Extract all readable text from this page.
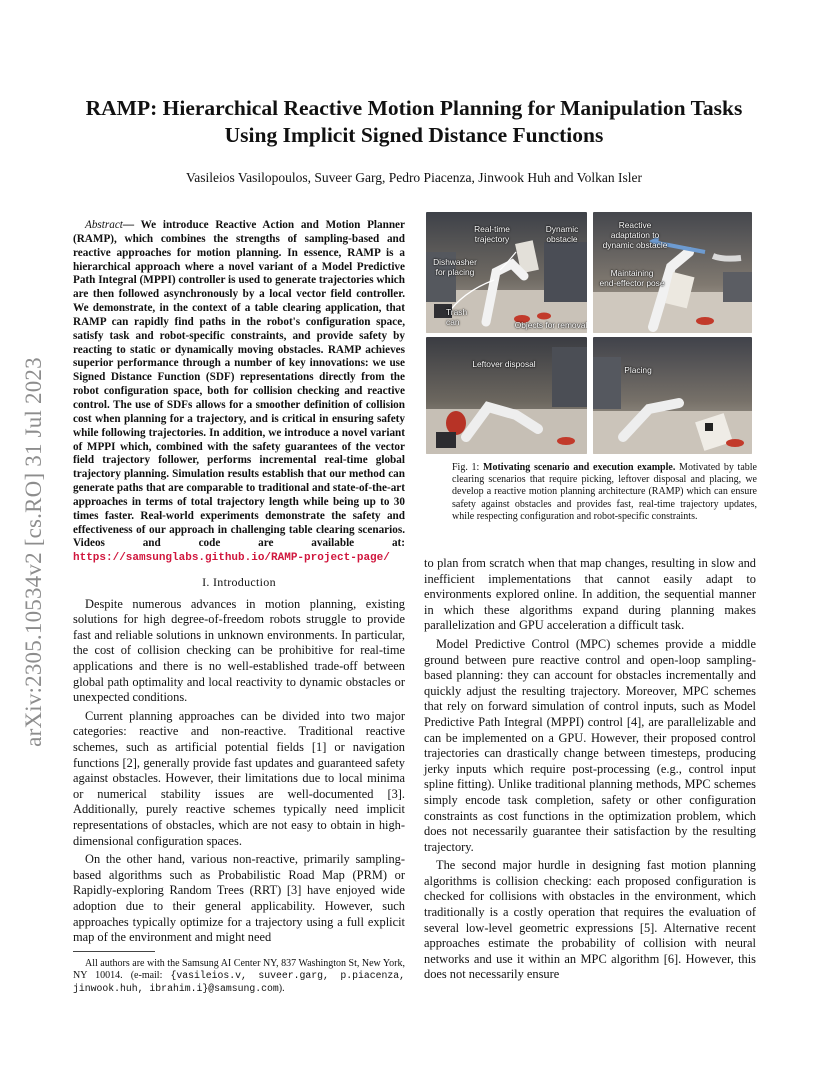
arXiv:2305.10534v2 [cs.RO] 31 Jul 2023
RAMP: Hierarchical Reactive Motion Planning for Manipulation Tasks
Using Implicit Signed Distance Functions

Vasileios Vasilopoulos, Suveer Garg, Pedro Piacenza, Jinwook Huh and Volkan Isler

Abstract— We introduce Reactive Action and Motion Planner (RAMP), which combines the strengths of sampling-based and reactive approaches for motion planning. In essence, RAMP is a hierarchical approach where a novel variant of a Model Predictive Path Integral (MPPI) controller is used to generate trajectories which are then followed asynchronously by a local vector field controller. We demonstrate, in the context of a table clearing application, that RAMP can rapidly find paths in the robot's configuration space, satisfy task and robot-specific constraints, and provide safety by reacting to static or dynamically moving obstacles. RAMP achieves superior performance through a number of key innovations: we use Signed Distance Function (SDF) representations directly from the robot configuration space, both for collision checking and reactive control. The use of SDFs allows for a smoother definition of collision cost when planning for a trajectory, and is critical in ensuring safety while following trajectories. In addition, we introduce a novel variant of MPPI which, combined with the safety guarantees of the vector field trajectory follower, performs incremental real-time global trajectory planning. Simulation results establish that our method can generate paths that are comparable to traditional and state-of-the-art approaches in terms of total trajectory length while being up to 30 times faster. Real-world experiments demonstrate the safety and effectiveness of our approach in challenging table clearing scenarios. Videos and code are available at: https://samsunglabs.github.io/RAMP-project-page/

I. Introduction

Despite numerous advances in motion planning, existing solutions for high degree-of-freedom robots struggle to provide fast and reliable solutions in unknown environments. In particular, the cost of collision checking can be prohibitive for real-time applications and there is no well-established trade-off between global path optimality and local reactivity to dynamic obstacles or unexpected conditions.

Current planning approaches can be divided into two major categories: reactive and non-reactive. Traditional reactive schemes, such as artificial potential fields [1] or navigation functions [2], generally provide fast updates and guaranteed safety against obstacles. However, their limitations due to local minima or numerical stability issues are well-documented [3]. Additionally, purely reactive schemes typically need implicit representations of obstacles, which are not easy to obtain in high-dimensional configuration spaces.

On the other hand, various non-reactive, primarily sampling-based algorithms such as Probabilistic Road Map (PRM) or Rapidly-exploring Random Trees (RRT) [3] have enjoyed wide adoption due to their general applicability. However, such approaches typically optimize for a trajectory using a full explicit map of the environment and might need

All authors are with the Samsung AI Center NY, 837 Washington St, New York, NY 10014. (e-mail: {vasileios.v, suveer.garg, p.piacenza, jinwook.huh, ibrahim.i}@samsung.com).

Real-time
trajectory
Dynamic
obstacle
Dishwasher
for placing
Trash
can	Objects for removal
Reactive
adaptation to
dynamic obstacle
Maintaining
end-effector pose
Leftover disposal
Placing

Fig. 1: Motivating scenario and execution example. Motivated by table clearing scenarios that require picking, leftover disposal and placing, we develop a reactive motion planning architecture (RAMP) which can ensure safety against obstacles and provides fast, real-time trajectory updates, while respecting configuration and robot-specific constraints.

to plan from scratch when that map changes, resulting in slow and inefficient implementations that cannot easily adapt to environments explored online. In addition, the sequential manner in which these algorithms expand during planning makes parallelization and GPU acceleration a difficult task.

Model Predictive Control (MPC) schemes provide a middle ground between pure reactive control and open-loop sampling-based planning: they can account for obstacles incrementally and quickly adjust the resulting trajectory. Moreover, MPC schemes that rely on forward simulation of control inputs, such as Model Predictive Path Integral (MPPI) control [4], are parallelizable and can be implemented on a GPU. However, their proposed control trajectories can drastically change between timesteps, producing jerky inputs which require post-processing (e.g., control input spline fitting). Unlike traditional planning methods, MPC schemes simply encode task completion, safety or other configuration constraints as cost functions in the optimization problem, which does not necessarily guarantee their satisfaction by the resulting trajectory.

The second major hurdle in designing fast motion planning algorithms is collision checking: each proposed configuration is checked for collisions with obstacles in the environment, which traditionally is a costly operation that requires the evaluation of several low-level geometric expressions [5]. Alternative recent approaches estimate the probability of collision with neural networks and use it within an MPC algorithm [6]. However, this does not necessarily ensure
